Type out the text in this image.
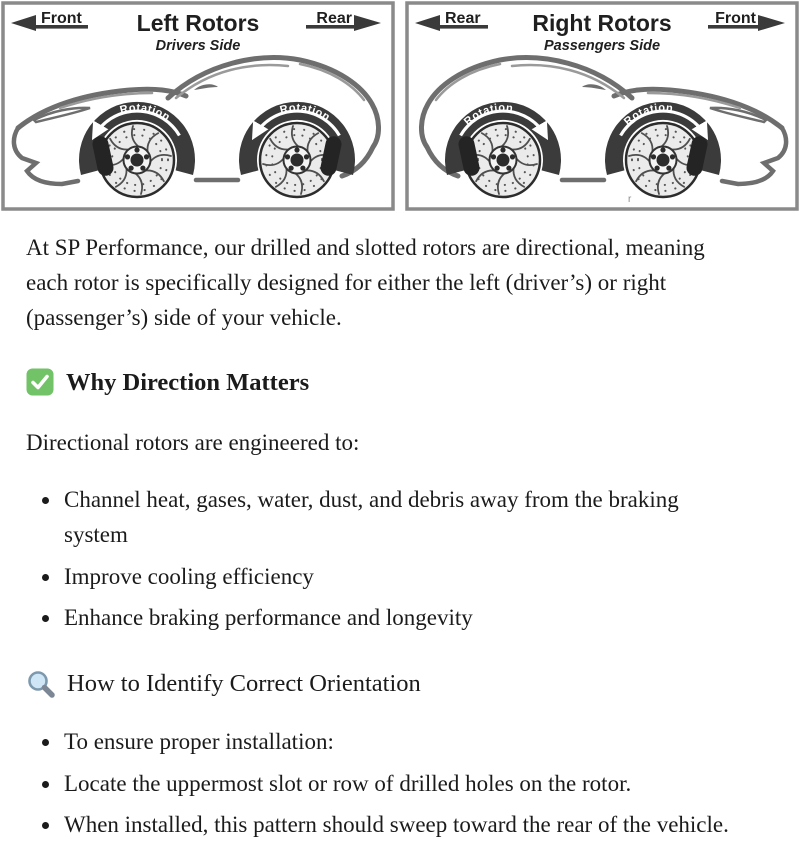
Rotation
Rotation
Left Rotors
Drivers Side
Front	Rear
Rotation
Rotation
Right Rotors
Passengers Side
Rear	Front
r

At SP Performance, our drilled and slotted rotors are directional, meaning each rotor is specifically designed for either the left (driver’s) or right (passenger’s) side of your vehicle.

Why Direction Matters

Directional rotors are engineered to:

• Channel heat, gases, water, dust, and debris away from the braking system
• Improve cooling efficiency
• Enhance braking performance and longevity
How to Identify Correct Orientation
• To ensure proper installation:
• Locate the uppermost slot or row of drilled holes on the rotor.
• When installed, this pattern should sweep toward the rear of the vehicle.
